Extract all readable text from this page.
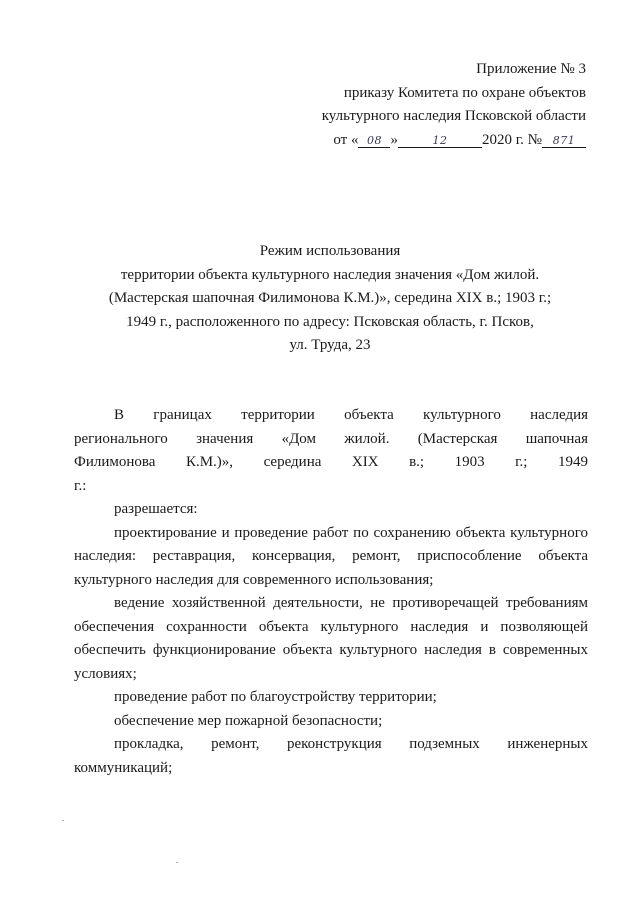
Приложение № 3
приказу Комитета по охране объектов
культурного наследия Псковской области
от « 08 »	12 2020 г. № 871
Режим использования
территории объекта культурного наследия значения «Дом жилой.
(Мастерская шапочная Филимонова К.М.)», середина XIX в.; 1903 г.;
1949 г., расположенного по адресу: Псковская область, г. Псков,
ул. Труда, 23

В границах территории объекта культурного наследия регионального значения «Дом жилой. (Мастерская шапочная Филимонова К.М.)», середина XIX в.; 1903 г.; 1949 г.:

разрешается:

проектирование и проведение работ по сохранению объекта культурного наследия: реставрация, консервация, ремонт, приспособление объекта культурного наследия для современного использования;

ведение хозяйственной деятельности, не противоречащей требованиям обеспечения сохранности объекта культурного наследия и позволяющей обеспечить функционирование объекта культурного наследия в современных условиях;

проведение работ по благоустройству территории;

обеспечение мер пожарной безопасности;

прокладка, ремонт, реконструкция подземных инженерных коммуникаций;
